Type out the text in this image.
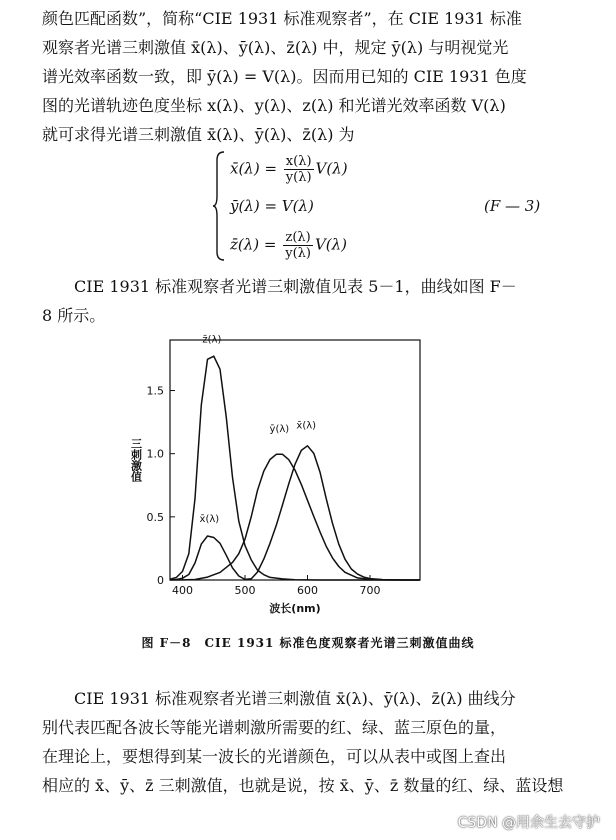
颜色匹配函数”，简称“CIE 1931 标准观察者”，在 CIE 1931 标准
观察者光谱三刺激值 x̄(λ)、ȳ(λ)、z̄(λ) 中，规定 ȳ(λ) 与明视觉光
谱光效率函数一致，即 ȳ(λ) = V(λ)。因而用已知的 CIE 1931 色度
图的光谱轨迹色度坐标 x(λ)、y(λ)、z(λ) 和光谱光效率函数 V(λ)
就可求得光谱三刺激值 x̄(λ)、ȳ(λ)、z̄(λ) 为
x̄(λ) = $\frac{x(\lambda)}{y(\lambda)} V(\lambda)$
ȳ(λ) = V(λ)
z̄(λ) = $\frac{z(\lambda)}{y(\lambda)} V(\lambda)$
(F — 3)
CIE 1931 标准观察者光谱三刺激值见表 5－1，曲线如图 F－
8 所示。
400	500	600	700
0
0.5
1.0
1.5
波长(nm)
三刺激值
z̄(λ)
x̄(λ)
ȳ(λ) x̄(λ)
图 F－8　CIE 1931 标准色度观察者光谱三刺激值曲线
CIE 1931 标准观察者光谱三刺激值 x̄(λ)、ȳ(λ)、z̄(λ) 曲线分
别代表匹配各波长等能光谱刺激所需要的红、绿、蓝三原色的量，
在理论上，要想得到某一波长的光谱颜色，可以从表中或图上查出
相应的 x̄、ȳ、z̄ 三刺激值，也就是说，按 x̄、ȳ、z̄ 数量的红、绿、蓝设想
CSDN @用余生去守护
